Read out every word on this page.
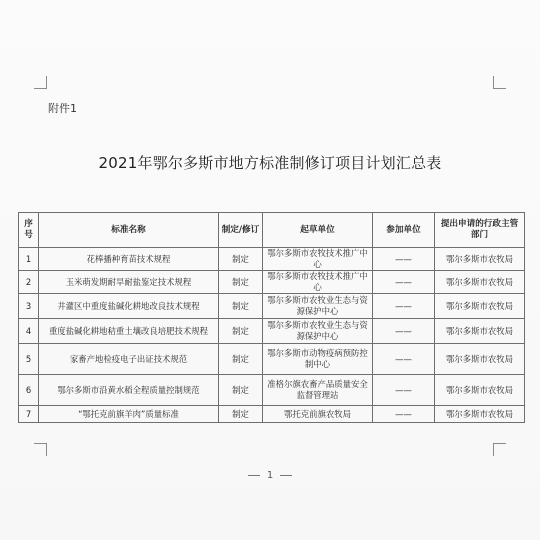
附件1
2021年鄂尔多斯市地方标准制修订项目计划汇总表
序
号	标准名称	制定/修订	起草单位	参加单位	提出申请的行政主管部门
1	花棒播种育苗技术规程	制定	鄂尔多斯市农牧技术推广中心	——	鄂尔多斯市农牧局
2	玉米萌发期耐旱耐盐鉴定技术规程	制定	鄂尔多斯市农牧技术推广中心	——	鄂尔多斯市农牧局
3	井灌区中重度盐碱化耕地改良技术规程	制定	鄂尔多斯市农牧业生态与资源保护中心	——	鄂尔多斯市农牧局
4	重度盐碱化耕地秸重土壤改良培肥技术规程	制定	鄂尔多斯市农牧业生态与资源保护中心	——	鄂尔多斯市农牧局
5	家畜产地检疫电子出证技术规范	制定	鄂尔多斯市动物疫病预防控制中心	——	鄂尔多斯市农牧局
6	鄂尔多斯市沿黄水稻全程质量控制规范	制定	准格尔旗农畜产品质量安全监督管理站	——	鄂尔多斯市农牧局
7	“鄂托克前旗羊肉”质量标准	制定	鄂托克前旗农牧局	——	鄂尔多斯市农牧局
1
